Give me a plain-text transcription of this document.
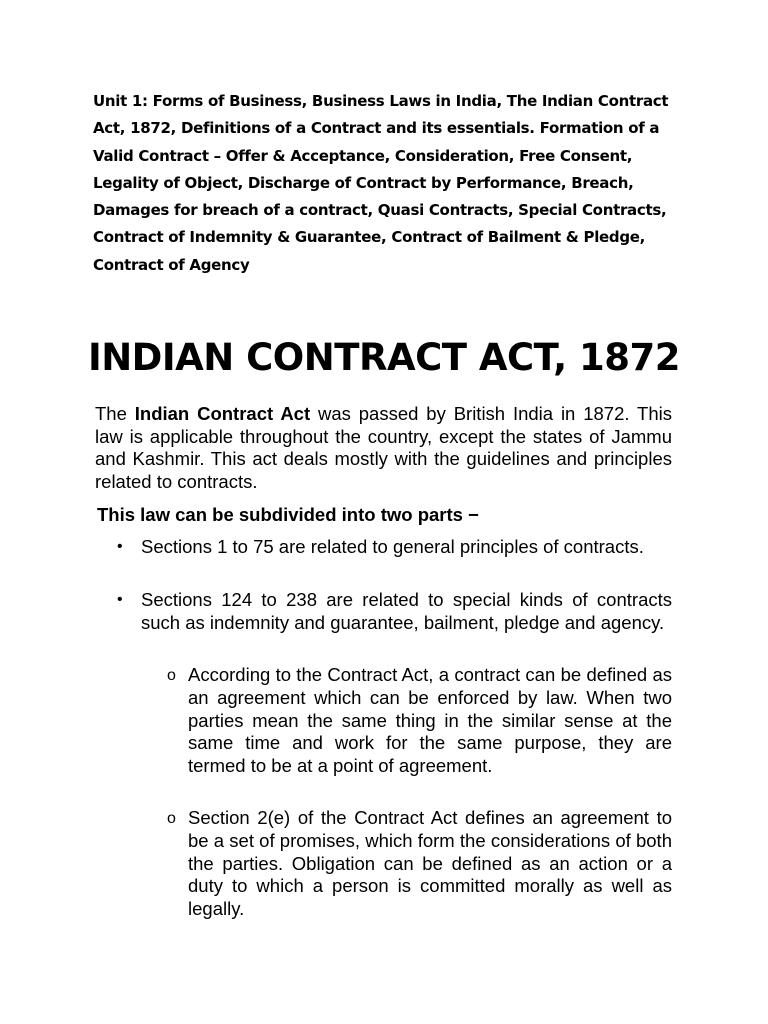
Unit 1: Forms of Business, Business Laws in India, The Indian Contract Act, 1872, Definitions of a Contract and its essentials. Formation of a Valid Contract – Offer & Acceptance, Consideration, Free Consent, Legality of Object, Discharge of Contract by Performance, Breach, Damages for breach of a contract, Quasi Contracts, Special Contracts, Contract of Indemnity & Guarantee, Contract of Bailment & Pledge, Contract of Agency

INDIAN CONTRACT ACT, 1872

The Indian Contract Act was passed by British India in 1872. This law is applicable throughout the country, except the states of Jammu and Kashmir. This act deals mostly with the guidelines and principles related to contracts.

This law can be subdivided into two parts −

• Sections 1 to 75 are related to general principles of contracts.
• Sections 124 to 238 are related to special kinds of contracts such as indemnity and guarantee, bailment, pledge and agency.
o According to the Contract Act, a contract can be defined as an agreement which can be enforced by law. When two parties mean the same thing in the similar sense at the same time and work for the same purpose, they are termed to be at a point of agreement.
o Section 2(e) of the Contract Act defines an agreement to be a set of promises, which form the considerations of both the parties. Obligation can be defined as an action or a duty to which a person is committed morally as well as legally.
